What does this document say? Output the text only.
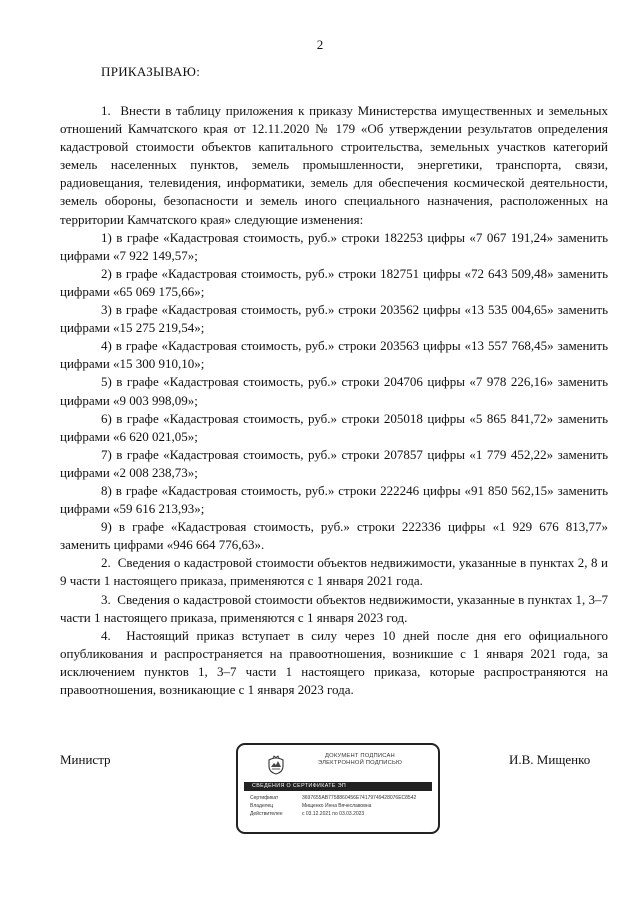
2
ПРИКАЗЫВАЮ:

1.  Внести в таблицу приложения к приказу Министерства имущественных и земельных отношений Камчатского края от 12.11.2020 № 179 «Об утверждении результатов определения кадастровой стоимости объектов капитального строительства, земельных участков категорий земель населенных пунктов, земель промышленности, энергетики, транспорта, связи, радиовещания, телевидения, информатики, земель для обеспечения космической деятельности, земель обороны, безопасности и земель иного специального назначения, расположенных на территории Камчатского края» следующие изменения:

1) в графе «Кадастровая стоимость, руб.» строки 182253 цифры «7 067 191,24» заменить цифрами «7 922 149,57»;

2) в графе «Кадастровая стоимость, руб.» строки 182751 цифры «72 643 509,48» заменить цифрами «65 069 175,66»;

3) в графе «Кадастровая стоимость, руб.» строки 203562 цифры «13 535 004,65» заменить цифрами «15 275 219,54»;

4) в графе «Кадастровая стоимость, руб.» строки 203563 цифры «13 557 768,45» заменить цифрами «15 300 910,10»;

5) в графе «Кадастровая стоимость, руб.» строки 204706 цифры «7 978 226,16» заменить цифрами «9 003 998,09»;

6) в графе «Кадастровая стоимость, руб.» строки 205018 цифры «5 865 841,72» заменить цифрами «6 620 021,05»;

7) в графе «Кадастровая стоимость, руб.» строки 207857 цифры «1 779 452,22» заменить цифрами «2 008 238,73»;

8) в графе «Кадастровая стоимость, руб.» строки 222246 цифры «91 850 562,15» заменить цифрами «59 616 213,93»;

9) в графе «Кадастровая стоимость, руб.» строки 222336 цифры «1 929 676 813,77» заменить цифрами «946 664 776,63».

2.  Сведения о кадастровой стоимости объектов недвижимости, указанные в пунктах 2, 8 и 9 части 1 настоящего приказа, применяются с 1 января 2021 года.

3.  Сведения о кадастровой стоимости объектов недвижимости, указанные в пунктах 1, 3–7 части 1 настоящего приказа, применяются с 1 января 2023 год.

4.  Настоящий приказ вступает в силу через 10 дней после дня его официального опубликования и распространяется на правоотношения, возникшие с 1 января 2021 года, за исключением пунктов 1, 3–7 части 1 настоящего приказа, которые распространяются на правоотношения, возникающие с 1 января 2023 года.

Министр	И.В. Мищенко
ДОКУМЕНТ ПОДПИСАН
ЭЛЕКТРОННОЙ ПОДПИСЬЮ
СВЕДЕНИЯ О СЕРТИФИКАТЕ ЭП
Сертификат	3697655AB7758860456E74179749428076ЕС8542
Владелец	Мищенко Инна Вячеславовна
Действителен	с 03.12.2021 по 03.03.2023
